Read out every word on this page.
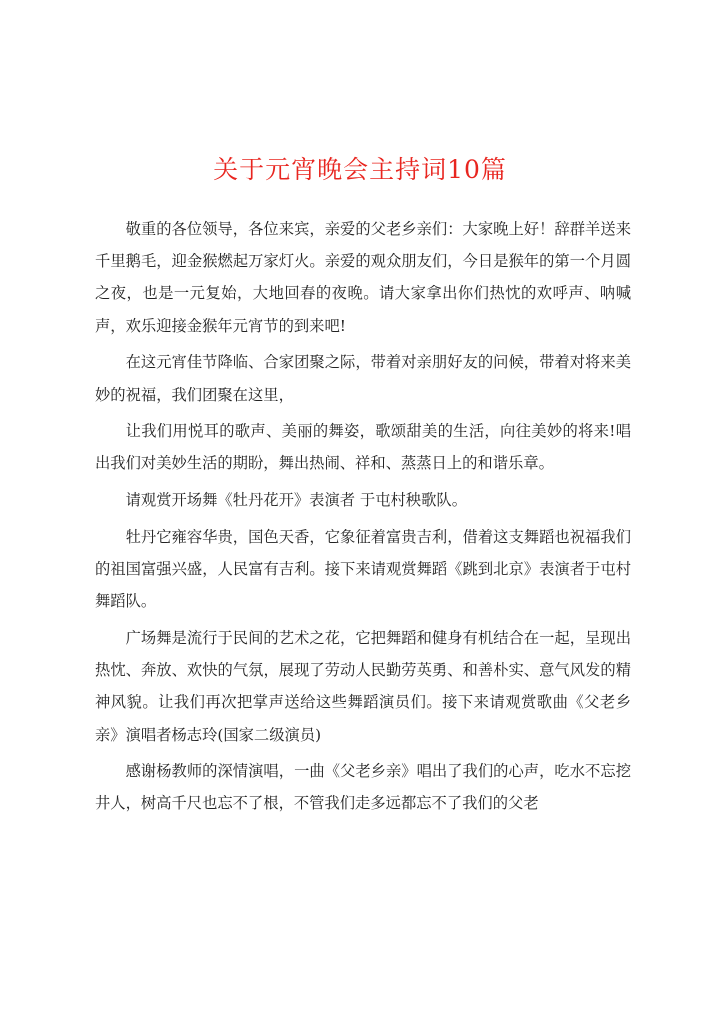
关于元宵晚会主持词10篇

敬重的各位领导，各位来宾，亲爱的父老乡亲们：大家晚上好！辞群羊送来千里鹅毛，迎金猴燃起万家灯火。亲爱的观众朋友们，今日是猴年的第一个月圆之夜，也是一元复始，大地回春的夜晚。请大家拿出你们热忱的欢呼声、呐喊声，欢乐迎接金猴年元宵节的到来吧!

在这元宵佳节降临、合家团聚之际，带着对亲朋好友的问候，带着对将来美妙的祝福，我们团聚在这里，

让我们用悦耳的歌声、美丽的舞姿，歌颂甜美的生活，向往美妙的将来!唱出我们对美妙生活的期盼，舞出热闹、祥和、蒸蒸日上的和谐乐章。

请观赏开场舞《牡丹花开》表演者 于屯村秧歌队。

牡丹它雍容华贵，国色天香，它象征着富贵吉利，借着这支舞蹈也祝福我们的祖国富强兴盛，人民富有吉利。接下来请观赏舞蹈《跳到北京》表演者于屯村舞蹈队。

广场舞是流行于民间的艺术之花，它把舞蹈和健身有机结合在一起，呈现出热忱、奔放、欢快的气氛，展现了劳动人民勤劳英勇、和善朴实、意气风发的精神风貌。让我们再次把掌声送给这些舞蹈演员们。接下来请观赏歌曲《父老乡亲》演唱者杨志玲(国家二级演员)

感谢杨教师的深情演唱，一曲《父老乡亲》唱出了我们的心声，吃水不忘挖井人，树高千尺也忘不了根，不管我们走多远都忘不了我们的父老
